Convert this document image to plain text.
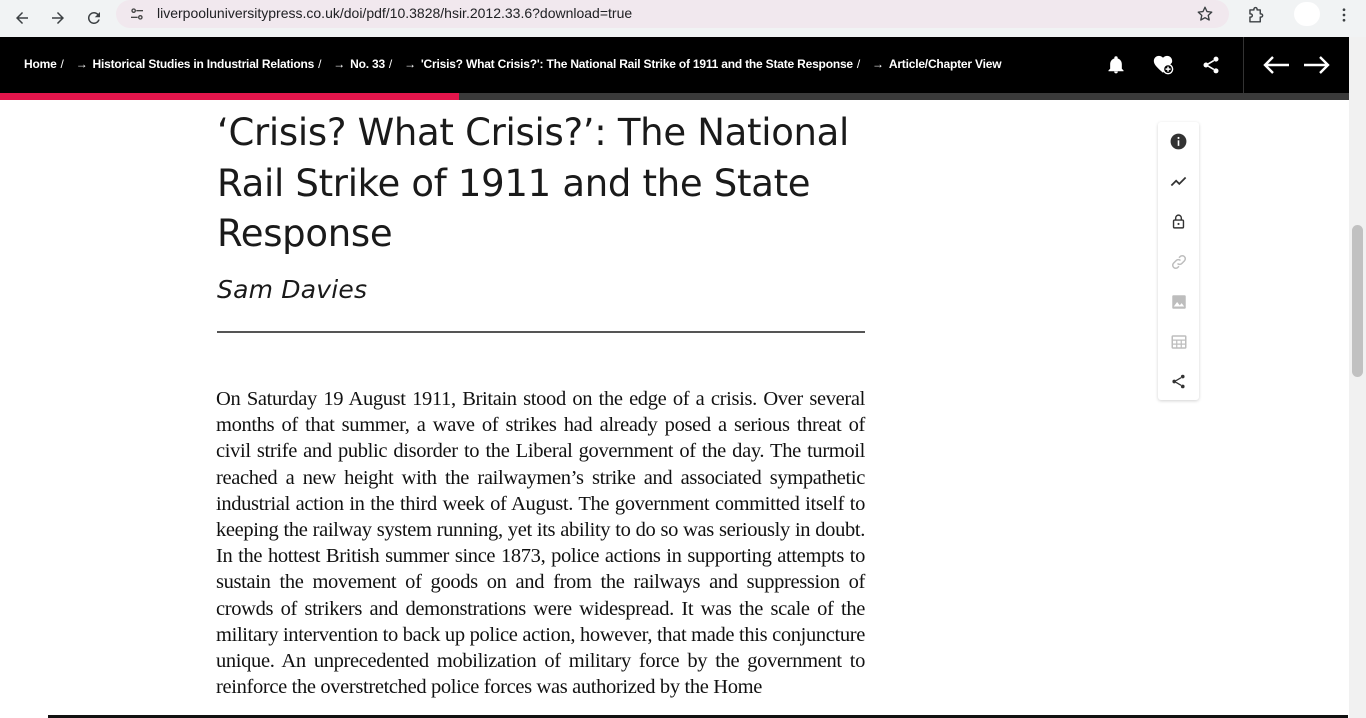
liverpooluniversitypress.co.uk/doi/pdf/10.3828/hsir.2012.33.6?download=true
Home / → Historical Studies in Industrial Relations / → No. 33 / → 'Crisis? What Crisis?': The National Rail Strike of 1911 and the State Response / → Article/Chapter View
‘Crisis? What Crisis?’: The National Rail Strike of 1911 and the State Response
Sam Davies

On Saturday 19 August 1911, Britain stood on the edge of a crisis. Over several months of that summer, a wave of strikes had already posed a serious threat of civil strife and public disorder to the Liberal government of the day. The turmoil reached a new height with the railwaymen’s strike and associated sympathetic industrial action in the third week of August. The government committed itself to keeping the railway system running, yet its ability to do so was seriously in doubt. In the hottest British summer since 1873, police actions in supporting attempts to sustain the movement of goods on and from the railways and suppression of crowds of strikers and demonstrations were widespread. It was the scale of the military intervention to back up police action, however, that made this conjuncture unique. An unprecedented mobilization of military force by the government to reinforce the overstretched police forces was authorized by the Home
